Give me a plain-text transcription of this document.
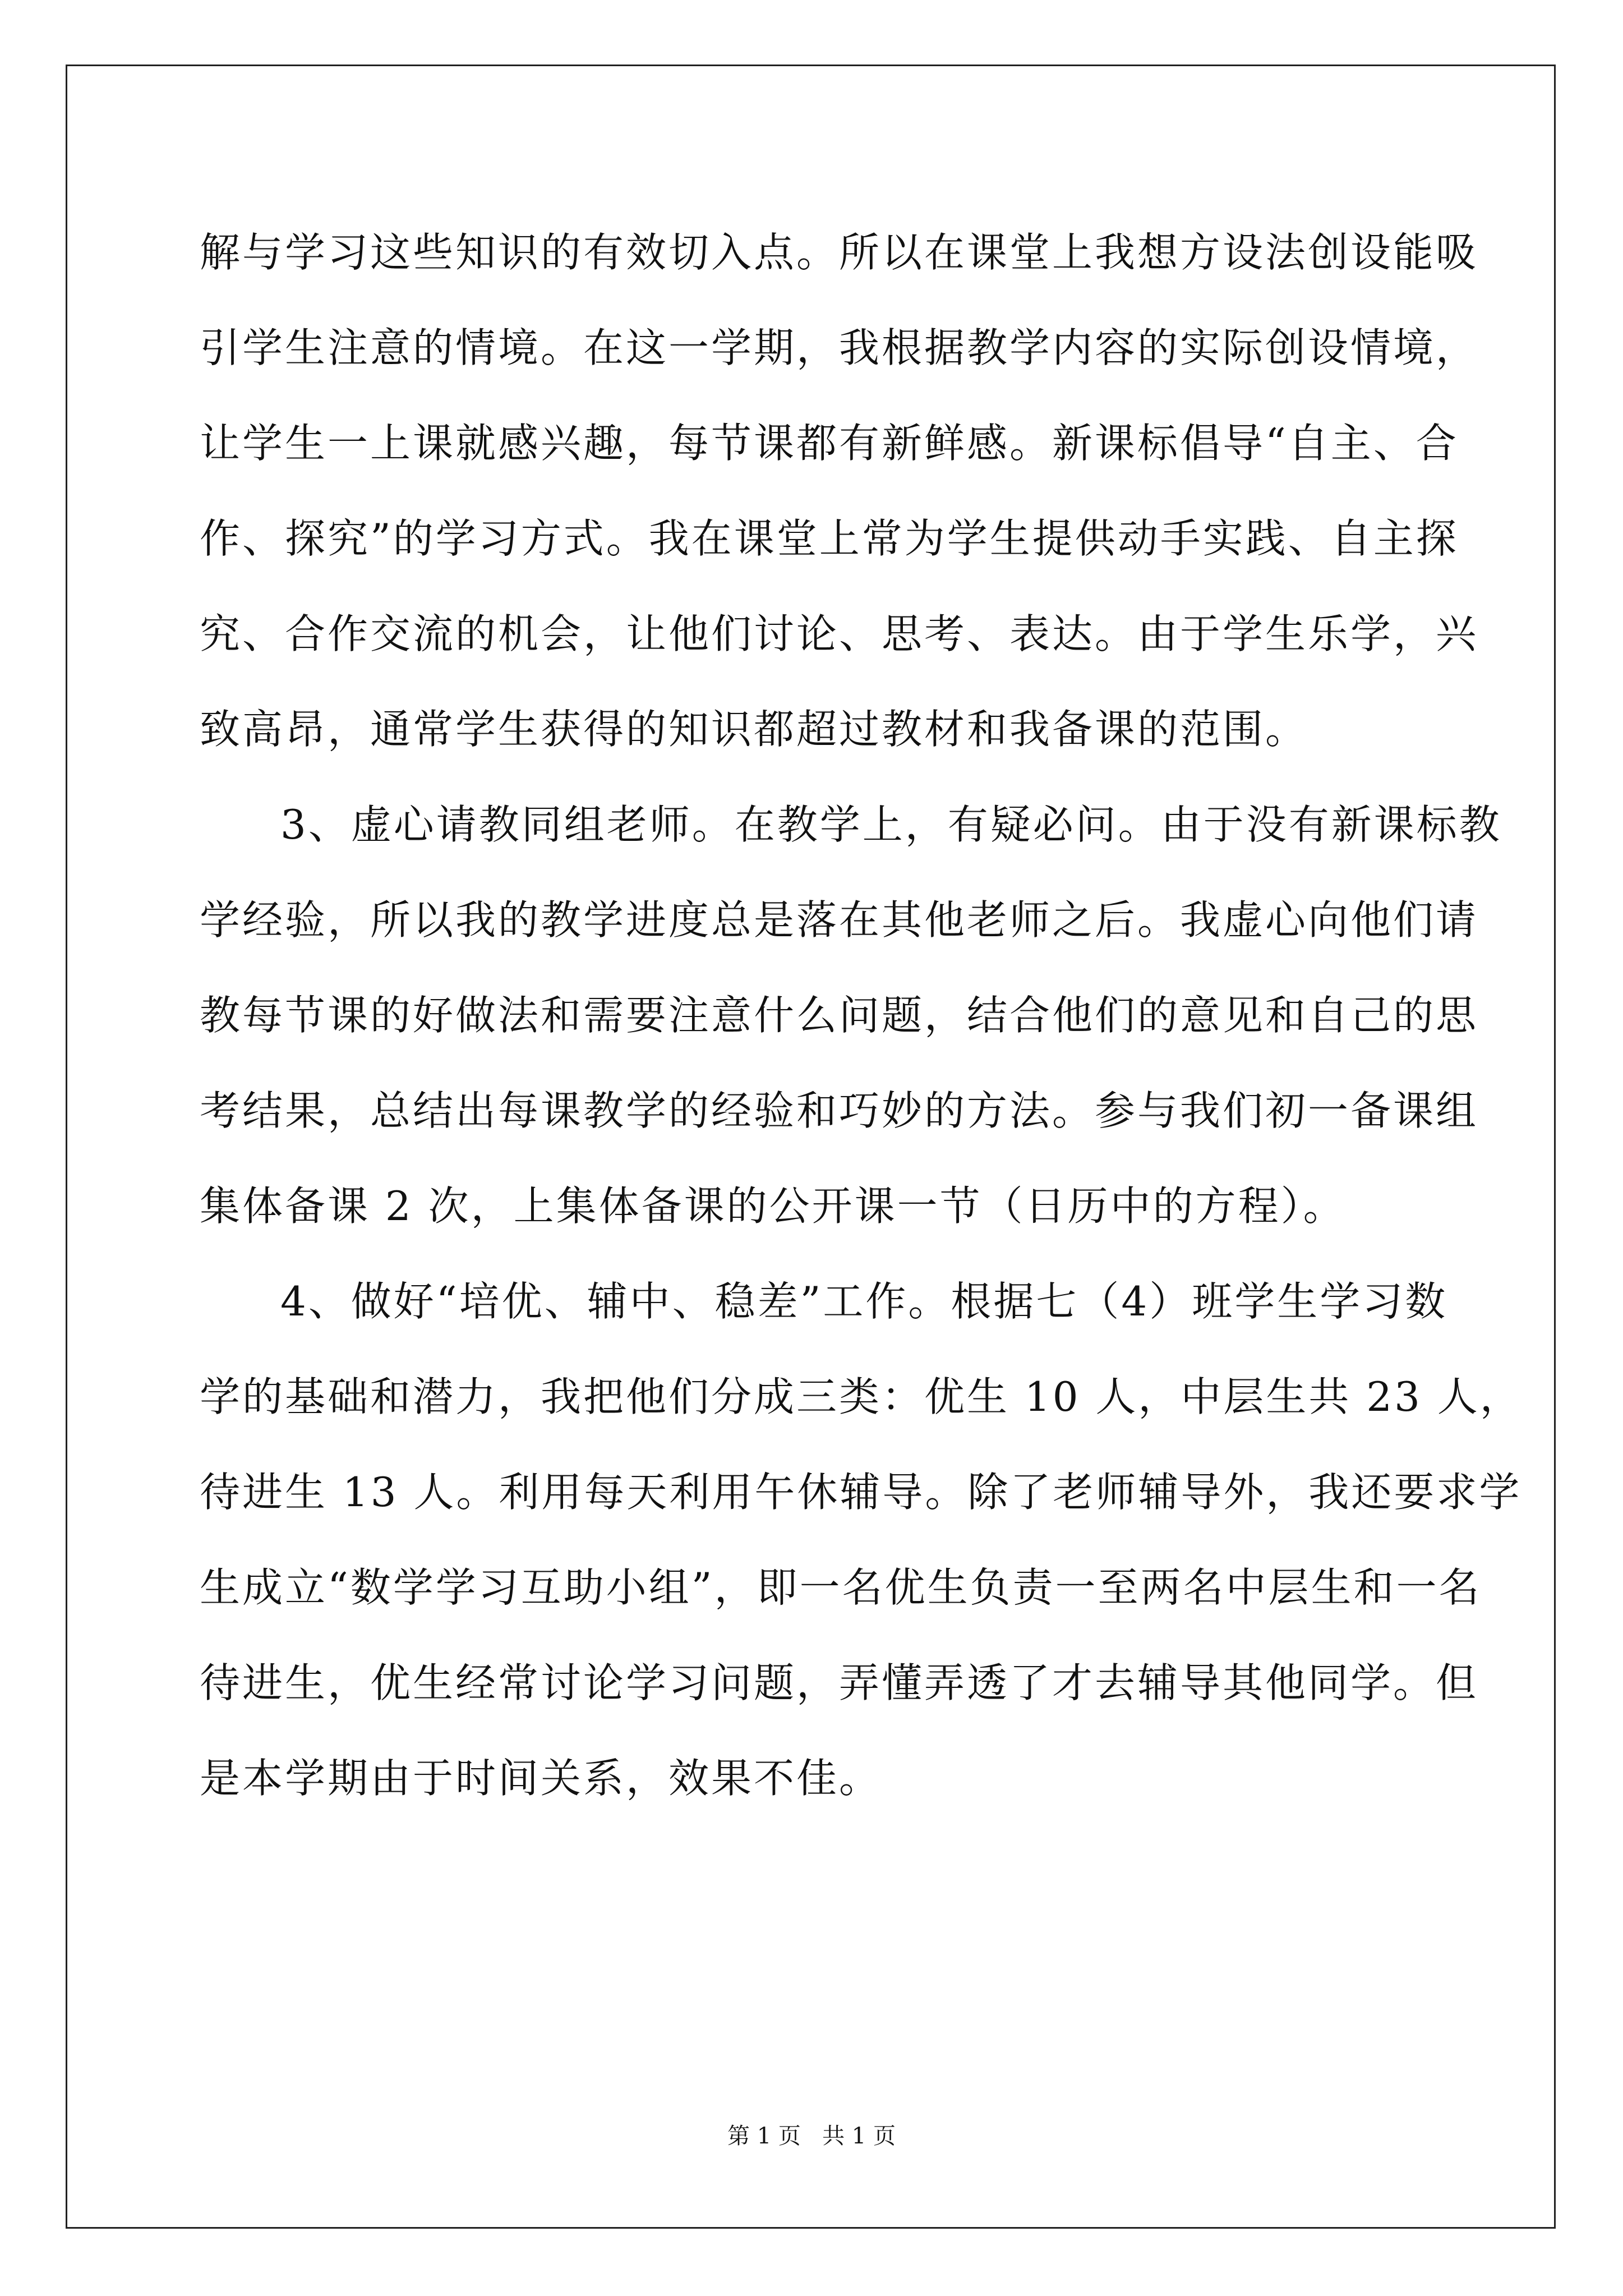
解与学习这些知识的有效切入点。所以在课堂上我想方设法创设能吸
引学生注意的情境。在这一学期，我根据教学内容的实际创设情境，
让学生一上课就感兴趣，每节课都有新鲜感。新课标倡导“自主、合
作、探究”的学习方式。我在课堂上常为学生提供动手实践、自主探
究、合作交流的机会，让他们讨论、思考、表达。由于学生乐学，兴
致高昂，通常学生获得的知识都超过教材和我备课的范围。
3、虚心请教同组老师。在教学上，有疑必问。由于没有新课标教
学经验，所以我的教学进度总是落在其他老师之后。我虚心向他们请
教每节课的好做法和需要注意什么问题，结合他们的意见和自己的思
考结果，总结出每课教学的经验和巧妙的方法。参与我们初一备课组
集体备课 2 次，上集体备课的公开课一节（日历中的方程）。
4、做好“培优、辅中、稳差”工作。根据七（4）班学生学习数
学的基础和潜力，我把他们分成三类：优生 10 人，中层生共 23 人，
待进生 13 人。利用每天利用午休辅导。除了老师辅导外，我还要求学
生成立“数学学习互助小组”，即一名优生负责一至两名中层生和一名
待进生，优生经常讨论学习问题，弄懂弄透了才去辅导其他同学。但
是本学期由于时间关系，效果不佳。
第 1 页   共 1 页
